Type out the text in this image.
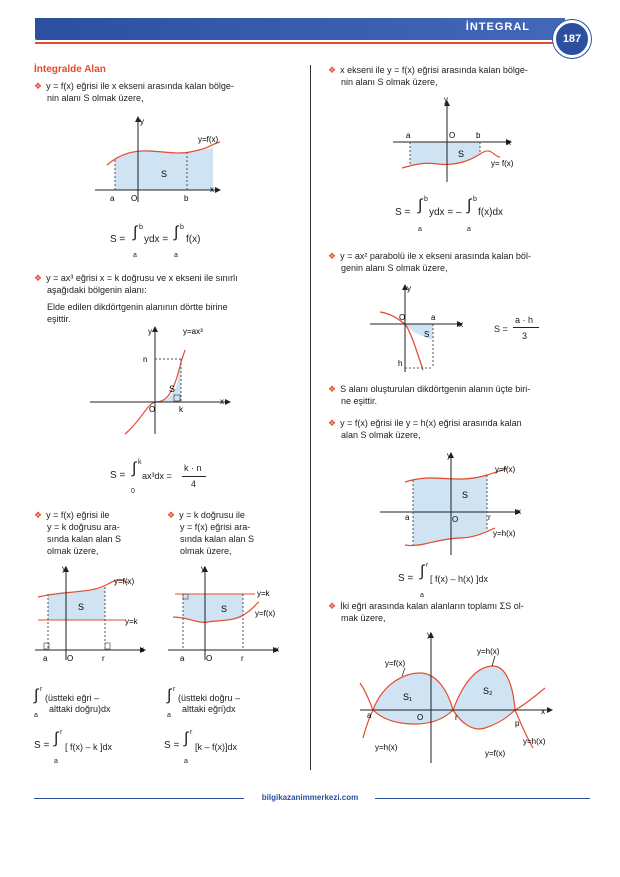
İNTEGRAL
187
İntegralde Alan
❖ y = f(x) eğrisi ile x ekseni arasında kalan bölge-
nin alanı S olmak üzere,
y
y=f(x)
x
a O	b
S
S = ∫ b
a
ydx = ∫ b
a
f(x)
❖ y = ax³ eğrisi x = k doğrusu ve x ekseni ile sınırlı
aşağıdaki bölgenin alanı:
Elde edilen dikdörtgenin alanının dörtte birine
eşittir.
y	y=ax³
n
S
O	k
x
S = ∫ k
0
ax³dx =
k · n
4
❖ y = f(x) eğrisi ile
y = k doğrusu ara-
sında kalan alan S
olmak üzere,
❖ y = k doğrusu ile
y = f(x) eğrisi ara-
sında kalan alan S
olmak üzere,
y
y=f(x)
y=k
S
a O	r
x
y
y=k
y=f(x)
S
a	O	r
x
∫ r
a
(üstteki eğri –
alttaki doğru)dx
S = ∫ r
a
[ f(x) – k ]dx
∫ r
a
(üstteki doğru –
alttaki eğri)dx
S = ∫ r
a
[k – f(x)]dx
❖ x ekseni ile y = f(x) eğrisi arasında kalan bölge-
nin alanı S olmak üzere,
y
a	O	b
x
S
y= f(x)
S = ∫ b
a
ydx = – ∫ b
a
f(x)dx
❖ y = ax² parabolü ile x ekseni arasında kalan böl-
genin alanı S olmak üzere,
y
O	a
x
S
h
S =
a · h
3
❖ S alanı oluşturulan dikdörtgenin alanın üçte biri-
ne eşittir.
❖ y = f(x) eğrisi ile y = h(x) eğrisi arasında kalan
alan S olmak üzere,
y
y=f(x)
S
a	O	r
x
y=h(x)
S = ∫ r
a
[ f(x) – h(x) ]dx
❖ İki eğri arasında kalan alanların toplamı ΣS ol-
mak üzere,
y
y=f(x)
y=h(x)
S₁
S₂
a	O	r
p
x
y=h(x)
y=f(x)
y=h(x)
bilgikazanimmerkezi.com
